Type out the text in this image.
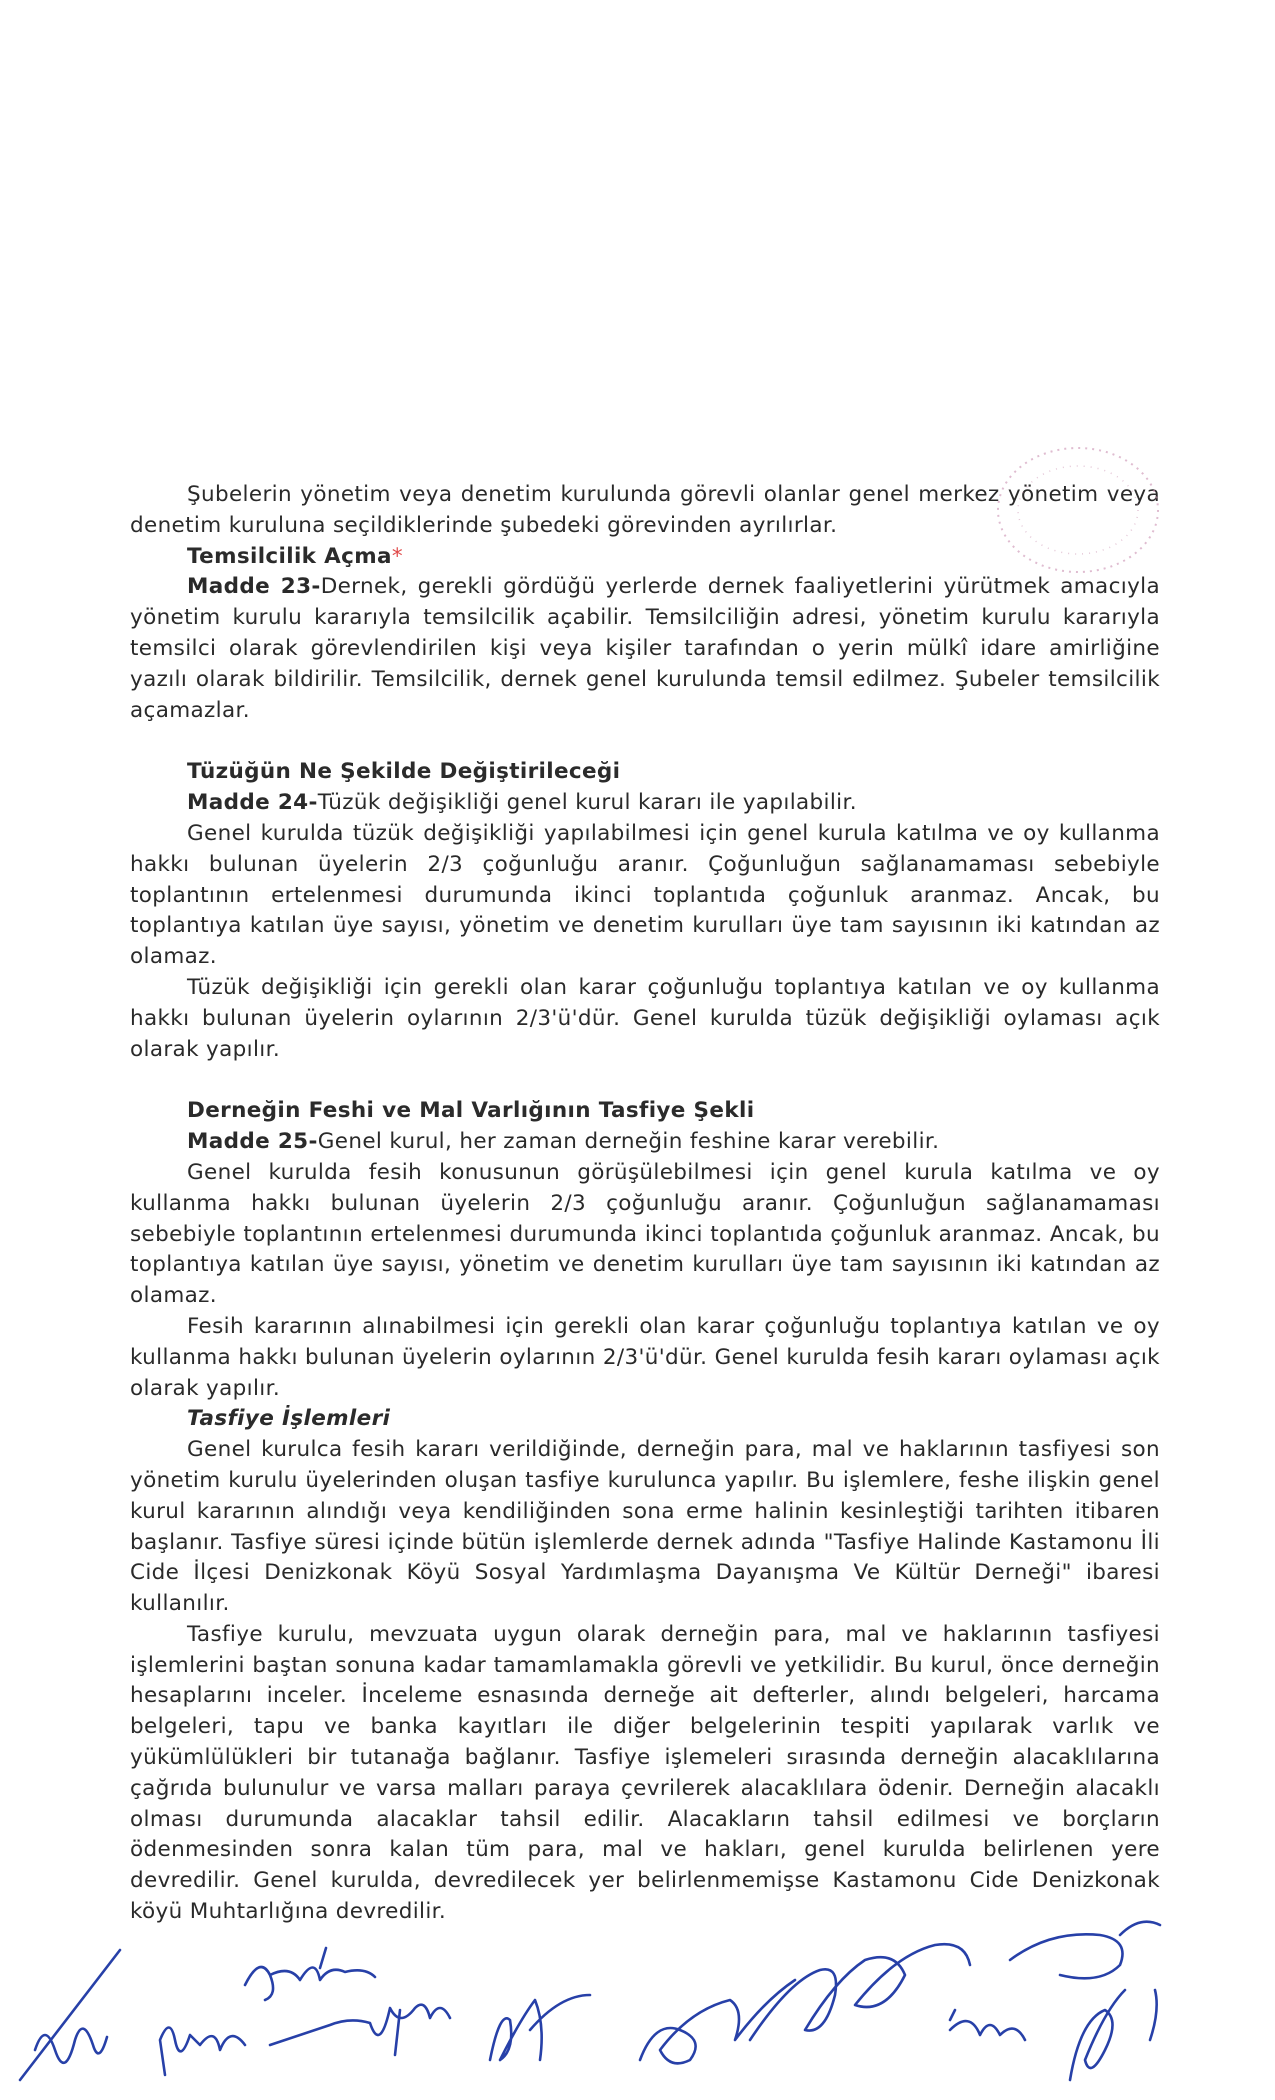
Şubelerin yönetim veya denetim kurulunda görevli olanlar genel merkez yönetim veya denetim kuruluna seçildiklerinde şubedeki görevinden ayrılırlar.

Temsilcilik Açma*

Madde 23-Dernek, gerekli gördüğü yerlerde dernek faaliyetlerini yürütmek amacıyla yönetim kurulu kararıyla temsilcilik açabilir. Temsilciliğin adresi, yönetim kurulu kararıyla temsilci olarak görevlendirilen kişi veya kişiler tarafından o yerin mülkî idare amirliğine yazılı olarak bildirilir. Temsilcilik, dernek genel kurulunda temsil edilmez. Şubeler temsilcilik açamazlar.

Tüzüğün Ne Şekilde Değiştirileceği

Madde 24-Tüzük değişikliği genel kurul kararı ile yapılabilir.

Genel kurulda tüzük değişikliği yapılabilmesi için genel kurula katılma ve oy kullanma hakkı bulunan üyelerin 2/3 çoğunluğu aranır. Çoğunluğun sağlanamaması sebebiyle toplantının ertelenmesi durumunda ikinci toplantıda çoğunluk aranmaz. Ancak, bu toplantıya katılan üye sayısı, yönetim ve denetim kurulları üye tam sayısının iki katından az olamaz.

Tüzük değişikliği için gerekli olan karar çoğunluğu toplantıya katılan ve oy kullanma hakkı bulunan üyelerin oylarının 2/3'ü'dür. Genel kurulda tüzük değişikliği oylaması açık olarak yapılır.

Derneğin Feshi ve Mal Varlığının Tasfiye Şekli

Madde 25-Genel kurul, her zaman derneğin feshine karar verebilir.

Genel kurulda fesih konusunun görüşülebilmesi için genel kurula katılma ve oy kullanma hakkı bulunan üyelerin 2/3 çoğunluğu aranır. Çoğunluğun sağlanamaması sebebiyle toplantının ertelenmesi durumunda ikinci toplantıda çoğunluk aranmaz. Ancak, bu toplantıya katılan üye sayısı, yönetim ve denetim kurulları üye tam sayısının iki katından az olamaz.

Fesih kararının alınabilmesi için gerekli olan karar çoğunluğu toplantıya katılan ve oy kullanma hakkı bulunan üyelerin oylarının 2/3'ü'dür. Genel kurulda fesih kararı oylaması açık olarak yapılır.

Tasfiye İşlemleri

Genel kurulca fesih kararı verildiğinde, derneğin para, mal ve haklarının tasfiyesi son yönetim kurulu üyelerinden oluşan tasfiye kurulunca yapılır. Bu işlemlere, feshe ilişkin genel kurul kararının alındığı veya kendiliğinden sona erme halinin kesinleştiği tarihten itibaren başlanır. Tasfiye süresi içinde bütün işlemlerde dernek adında "Tasfiye Halinde Kastamonu İli Cide İlçesi Denizkonak Köyü Sosyal Yardımlaşma Dayanışma Ve Kültür Derneği" ibaresi kullanılır.

Tasfiye kurulu, mevzuata uygun olarak derneğin para, mal ve haklarının tasfiyesi işlemlerini baştan sonuna kadar tamamlamakla görevli ve yetkilidir. Bu kurul, önce derneğin hesaplarını inceler. İnceleme esnasında derneğe ait defterler, alındı belgeleri, harcama belgeleri, tapu ve banka kayıtları ile diğer belgelerinin tespiti yapılarak varlık ve yükümlülükleri bir tutanağa bağlanır. Tasfiye işlemeleri sırasında derneğin alacaklılarına çağrıda bulunulur ve varsa malları paraya çevrilerek alacaklılara ödenir. Derneğin alacaklı olması durumunda alacaklar tahsil edilir. Alacakların tahsil edilmesi ve borçların ödenmesinden sonra kalan tüm para, mal ve hakları, genel kurulda belirlenen yere devredilir. Genel kurulda, devredilecek yer belirlenmemişse Kastamonu Cide Denizkonak köyü Muhtarlığına devredilir.
